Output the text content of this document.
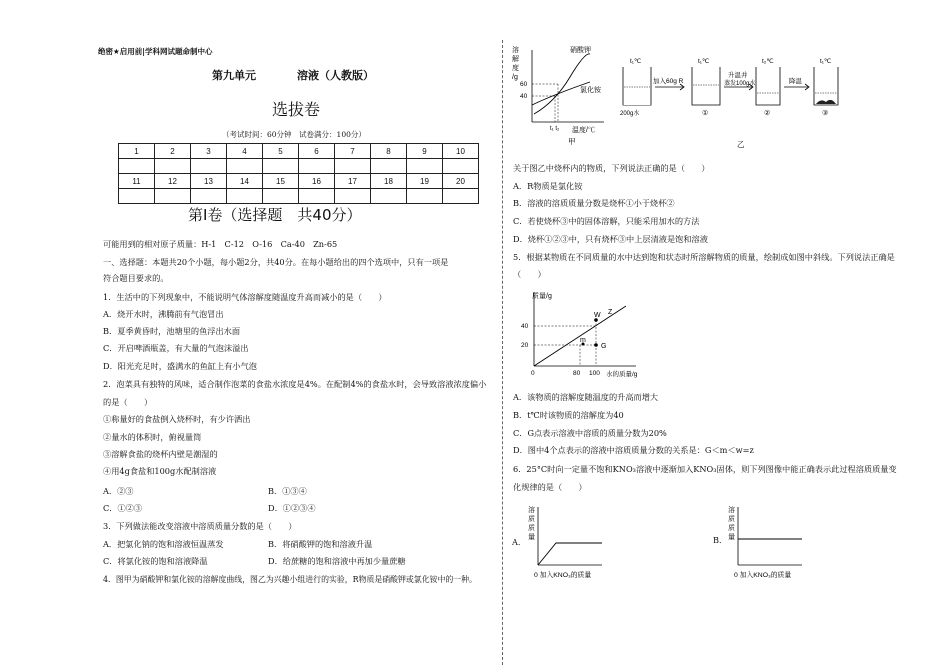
绝密★启用前|学科网试题命制中心
第九单元	溶液（人教版）
选拔卷
（考试时间：60分钟　试卷满分：100分）
1	2	3	4	5	6	7	8	9	10

11	12	13	14	15	16	17	18	19	20

第Ⅰ卷（选择题　共40分）
可能用到的相对原子质量：H-1　C-12　O-16　Ca-40　Zn-65
一、选择题：本题共20个小题，每小题2分，共40分。在每小题给出的四个选项中，只有一项是
符合题目要求的。
1．生活中的下列现象中，不能说明气体溶解度随温度升高而减小的是（　　）
A．烧开水时，沸腾前有气泡冒出
B．夏季黄昏时，池塘里的鱼浮出水面
C．开启啤酒瓶盖，有大量的气泡沫溢出
D．阳光充足时，盛满水的鱼缸上有小气泡
2．泡菜具有独特的风味，适合制作泡菜的食盐水浓度是4%。在配制4%的食盐水时，会导致溶液浓度偏小
的是（　　）
①称量好的食盐倒入烧杯时，有少许洒出
②量水的体积时，俯视量筒
③溶解食盐的烧杯内壁是潮湿的
④用4g食盐和100g水配制溶液
A．②③	B．①③④
C．①②③	D．①②③④
3．下列做法能改变溶液中溶质质量分数的是（　　）
A．把氯化钠的饱和溶液恒温蒸发	B．将硝酸钾的饱和溶液升温
C．将氯化铵的饱和溶液降温	D．给蔗糖的饱和溶液中再加少量蔗糖
4．图甲为硝酸钾和氯化铵的溶解度曲线，图乙为兴趣小组进行的实验，R物质是硝酸钾或氯化铵中的一种。
溶
解
度
/g
60
40
硝酸钾
氯化铵
t₁ t₂ 温度/℃
甲
t₁℃
200g水
加入60g R
t₁℃
①
升温并
蒸发100g水
t₂℃
②
降温
t₁℃
③
乙
关于图乙中烧杯内的物质，下列说法正确的是（　　）
A．R物质是氯化铵
B．溶液的溶质质量分数是烧杯①小于烧杯②
C．若使烧杯③中的固体溶解，只能采用加水的方法
D．烧杯①②③中，只有烧杯③中上层清液是饱和溶液
5．根据某物质在不同质量的水中达到饱和状态时所溶解物质的质量，绘制成如图中斜线。下列说法正确是
（　　）
质量/g
40
20
W Z
m
G
0	80 100 水的质量/g
A．该物质的溶解度随温度的升高而增大
B．t℃时该物质的溶解度为40
C．G点表示溶液中溶质的质量分数为20%
D．图中4个点表示的溶液中溶质质量分数的关系是：G＜m＜w=z
6．25°C时向一定量不饱和KNO₃溶液中逐渐加入KNO₃固体，则下列图像中能正确表示此过程溶质质量变
化规律的是（　　）
A．
溶
质
质
量
0 加入KNO₃的质量
B．
溶
质
质
量
0 加入KNO₃的质量
